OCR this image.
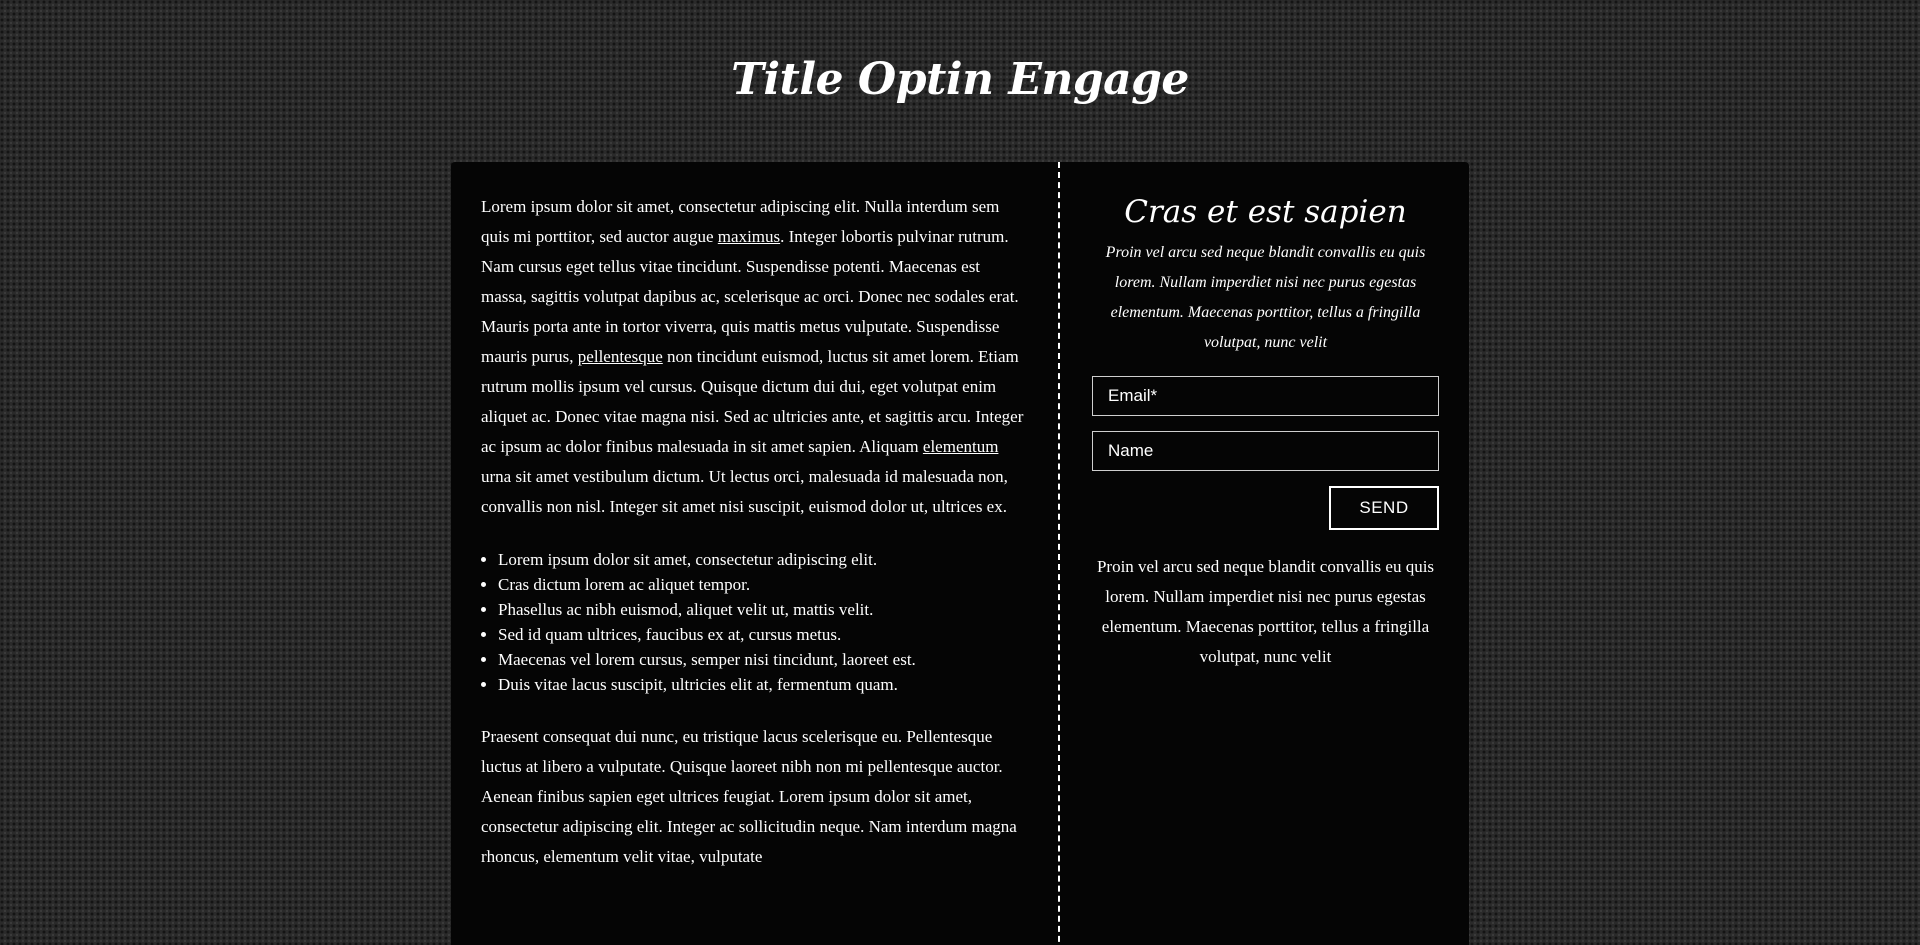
Title Optin Engage

Lorem ipsum dolor sit amet, consectetur adipiscing elit. Nulla interdum sem quis mi porttitor, sed auctor augue maximus. Integer lobortis pulvinar rutrum. Nam cursus eget tellus vitae tincidunt. Suspendisse potenti. Maecenas est massa, sagittis volutpat dapibus ac, scelerisque ac orci. Donec nec sodales erat. Mauris porta ante in tortor viverra, quis mattis metus vulputate. Suspendisse mauris purus, pellentesque non tincidunt euismod, luctus sit amet lorem. Etiam rutrum mollis ipsum vel cursus. Quisque dictum dui dui, eget volutpat enim aliquet ac. Donec vitae magna nisi. Sed ac ultricies ante, et sagittis arcu. Integer ac ipsum ac dolor finibus malesuada in sit amet sapien. Aliquam elementum urna sit amet vestibulum dictum. Ut lectus orci, malesuada id malesuada non, convallis non nisl. Integer sit amet nisi suscipit, euismod dolor ut, ultrices ex.

• Lorem ipsum dolor sit amet, consectetur adipiscing elit.
• Cras dictum lorem ac aliquet tempor.
• Phasellus ac nibh euismod, aliquet velit ut, mattis velit.
• Sed id quam ultrices, faucibus ex at, cursus metus.
• Maecenas vel lorem cursus, semper nisi tincidunt, laoreet est.
• Duis vitae lacus suscipit, ultricies elit at, fermentum quam.

Praesent consequat dui nunc, eu tristique lacus scelerisque eu. Pellentesque luctus at libero a vulputate. Quisque laoreet nibh non mi pellentesque auctor. Aenean finibus sapien eget ultrices feugiat. Lorem ipsum dolor sit amet, consectetur adipiscing elit. Integer ac sollicitudin neque. Nam interdum magna rhoncus, elementum velit vitae, vulputate

Cras et est sapien

Proin vel arcu sed neque blandit convallis eu quis lorem. Nullam imperdiet nisi nec purus egestas elementum. Maecenas porttitor, tellus a fringilla volutpat, nunc velit

Email*
Name
SEND

Proin vel arcu sed neque blandit convallis eu quis lorem. Nullam imperdiet nisi nec purus egestas elementum. Maecenas porttitor, tellus a fringilla volutpat, nunc velit
